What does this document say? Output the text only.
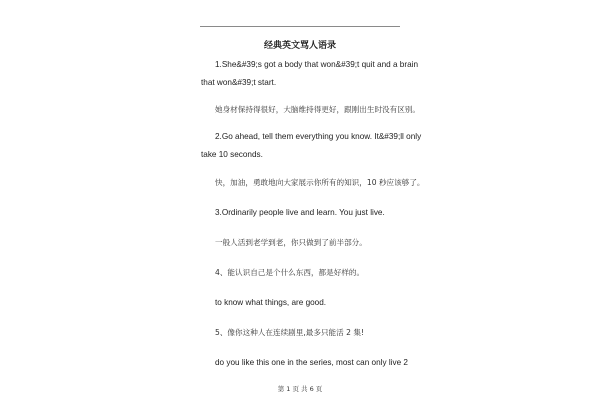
经典英文骂人语录
1.She&#39;s got a body that won&#39;t quit and a brain
that won&#39;t start.
她身材保持得很好，大脑维持得更好，跟刚出生时没有区别。
2.Go ahead, tell them everything you know. It&#39;ll only
take 10 seconds.
快，加油，勇敢地向大家展示你所有的知识，10 秒应该够了。
3.Ordinarily people live and learn. You just live.
一般人活到老学到老，你只做到了前半部分。
4、能认识自己是个什么东西，都是好样的。
to know what things, are good.
5、像你这种人在连续剧里,最多只能活 2 集!
do you like this one in the series, most can only live 2
第 1 页 共 6 页
